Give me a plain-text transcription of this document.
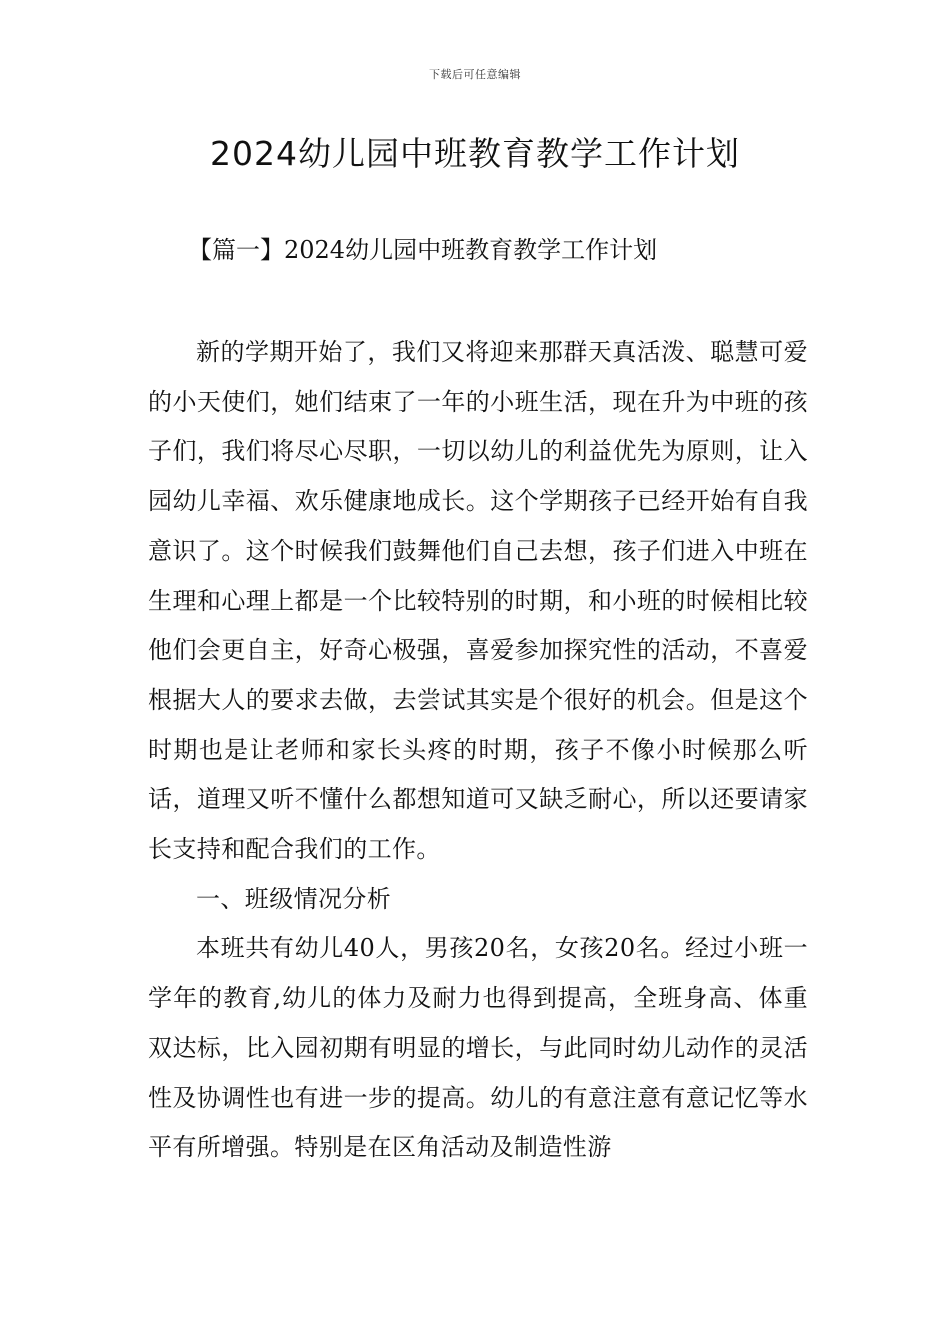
下载后可任意编辑
2024幼儿园中班教育教学工作计划
【篇一】2024幼儿园中班教育教学工作计划

新的学期开始了，我们又将迎来那群天真活泼、聪慧可爱的小天使们，她们结束了一年的小班生活，现在升为中班的孩子们，我们将尽心尽职，一切以幼儿的利益优先为原则，让入园幼儿幸福、欢乐健康地成长。这个学期孩子已经开始有自我意识了。这个时候我们鼓舞他们自己去想，孩子们进入中班在生理和心理上都是一个比较特别的时期，和小班的时候相比较他们会更自主，好奇心极强，喜爱参加探究性的活动，不喜爱根据大人的要求去做，去尝试其实是个很好的机会。但是这个时期也是让老师和家长头疼的时期，孩子不像小时候那么听话，道理又听不懂什么都想知道可又缺乏耐心，所以还要请家长支持和配合我们的工作。

一、班级情况分析

本班共有幼儿40人，男孩20名，女孩20名。经过小班一学年的教育,幼儿的体力及耐力也得到提高，全班身高、体重双达标，比入园初期有明显的增长，与此同时幼儿动作的灵活性及协调性也有进一步的提高。幼儿的有意注意有意记忆等水平有所增强。特别是在区角活动及制造性游
